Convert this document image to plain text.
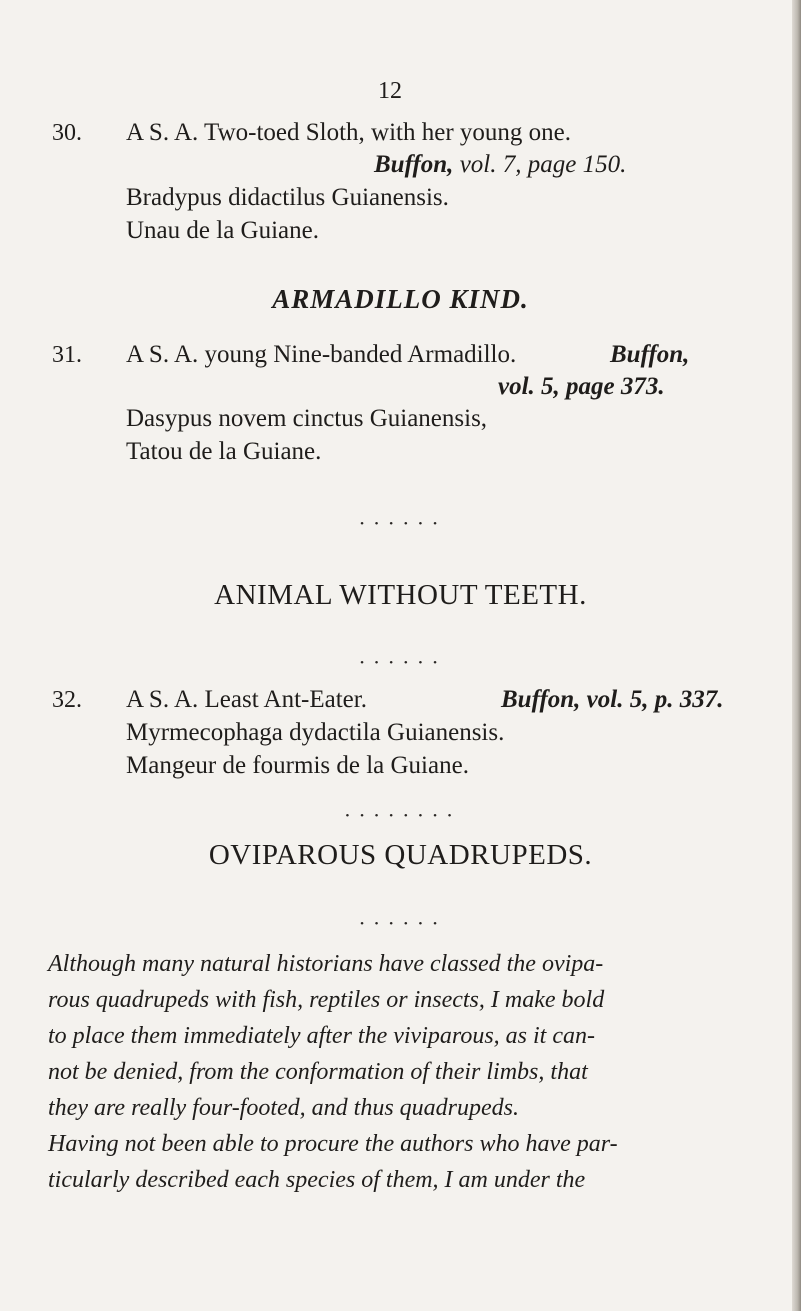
12
30. A S. A. Two-toed Sloth, with her young one.
Buffon, vol. 7, page 150.
Bradypus didactilus Guianensis.
Unau de la Guiane.
ARMADILLO KIND.
31. A S. A. young Nine-banded Armadillo.	Buffon,
vol. 5, page 373.
Dasypus novem cinctus Guianensis,
Tatou de la Guiane.
• • • • • •
ANIMAL WITHOUT TEETH.
• • • • • •
32. A S. A. Least Ant-Eater.	Buffon, vol. 5, p. 337.
Myrmecophaga dydactila Guianensis.
Mangeur de fourmis de la Guiane.
• • • • • • • •
OVIPAROUS QUADRUPEDS.
• • • • • •
Although many natural historians have classed the ovipa-
rous quadrupeds with fish, reptiles or insects, I make bold
to place them immediately after the viviparous, as it can-
not be denied, from the conformation of their limbs, that
they are really four-footed, and thus quadrupeds.
Having not been able to procure the authors who have par-
ticularly described each species of them, I am under the
